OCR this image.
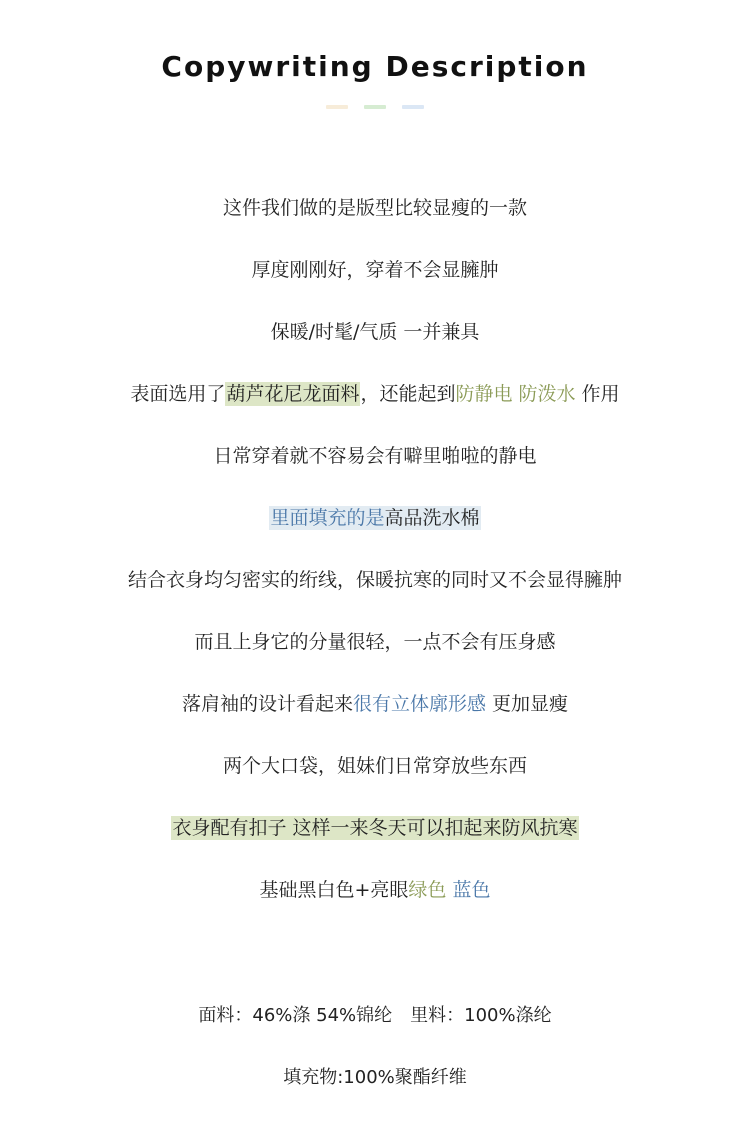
Copywriting Description
这件我们做的是版型比较显瘦的一款
厚度刚刚好，穿着不会显臃肿
保暖/时髦/气质 一并兼具
表面选用了葫芦花尼龙面料，还能起到防静电 防泼水 作用
日常穿着就不容易会有噼里啪啦的静电
里面填充的是高品洗水棉
结合衣身均匀密实的绗线，保暖抗寒的同时又不会显得臃肿
而且上身它的分量很轻，一点不会有压身感
落肩袖的设计看起来很有立体廓形感 更加显瘦
两个大口袋，姐妹们日常穿放些东西
衣身配有扣子 这样一来冬天可以扣起来防风抗寒
基础黑白色+亮眼绿色 蓝色
面料：46%涤 54%锦纶　里料：100%涤纶
填充物:100%聚酯纤维
